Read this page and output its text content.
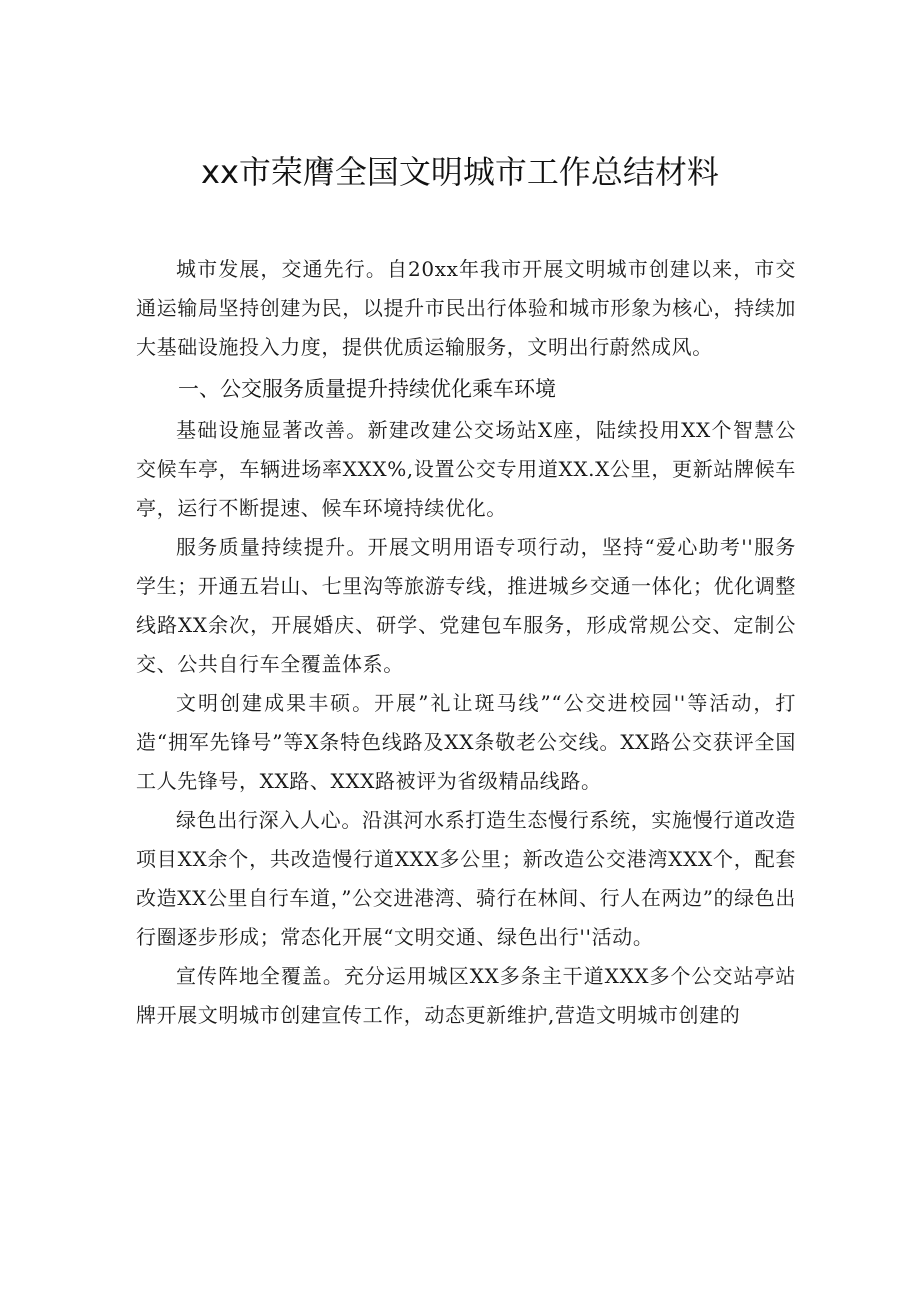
xx市荣膺全国文明城市工作总结材料

城市发展，交通先行。自20xx年我市开展文明城市创建以来，市交通运输局坚持创建为民，以提升市民出行体验和城市形象为核心，持续加大基础设施投入力度，提供优质运输服务，文明出行蔚然成风。

一、公交服务质量提升持续优化乘车环境

基础设施显著改善。新建改建公交场站X座，陆续投用XX个智慧公交候车亭，车辆进场率XXX%,设置公交专用道XX.X公里，更新站牌候车亭，运行不断提速、候车环境持续优化。

服务质量持续提升。开展文明用语专项行动，坚持“爱心助考''服务学生；开通五岩山、七里沟等旅游专线，推进城乡交通一体化；优化调整线路XX余次，开展婚庆、研学、党建包车服务，形成常规公交、定制公交、公共自行车全覆盖体系。

文明创建成果丰硕。开展”礼让斑马线”“公交进校园''等活动，打造“拥军先锋号”等X条特色线路及XX条敬老公交线。XX路公交获评全国工人先锋号，XX路、XXX路被评为省级精品线路。

绿色出行深入人心。沿淇河水系打造生态慢行系统，实施慢行道改造项目XX余个，共改造慢行道XXX多公里；新改造公交港湾XXX个，配套改造XX公里自行车道，”公交进港湾、骑行在林间、行人在两边”的绿色出行圈逐步形成；常态化开展“文明交通、绿色出行''活动。

宣传阵地全覆盖。充分运用城区XX多条主干道XXX多个公交站亭站牌开展文明城市创建宣传工作，动态更新维护,营造文明城市创建的
